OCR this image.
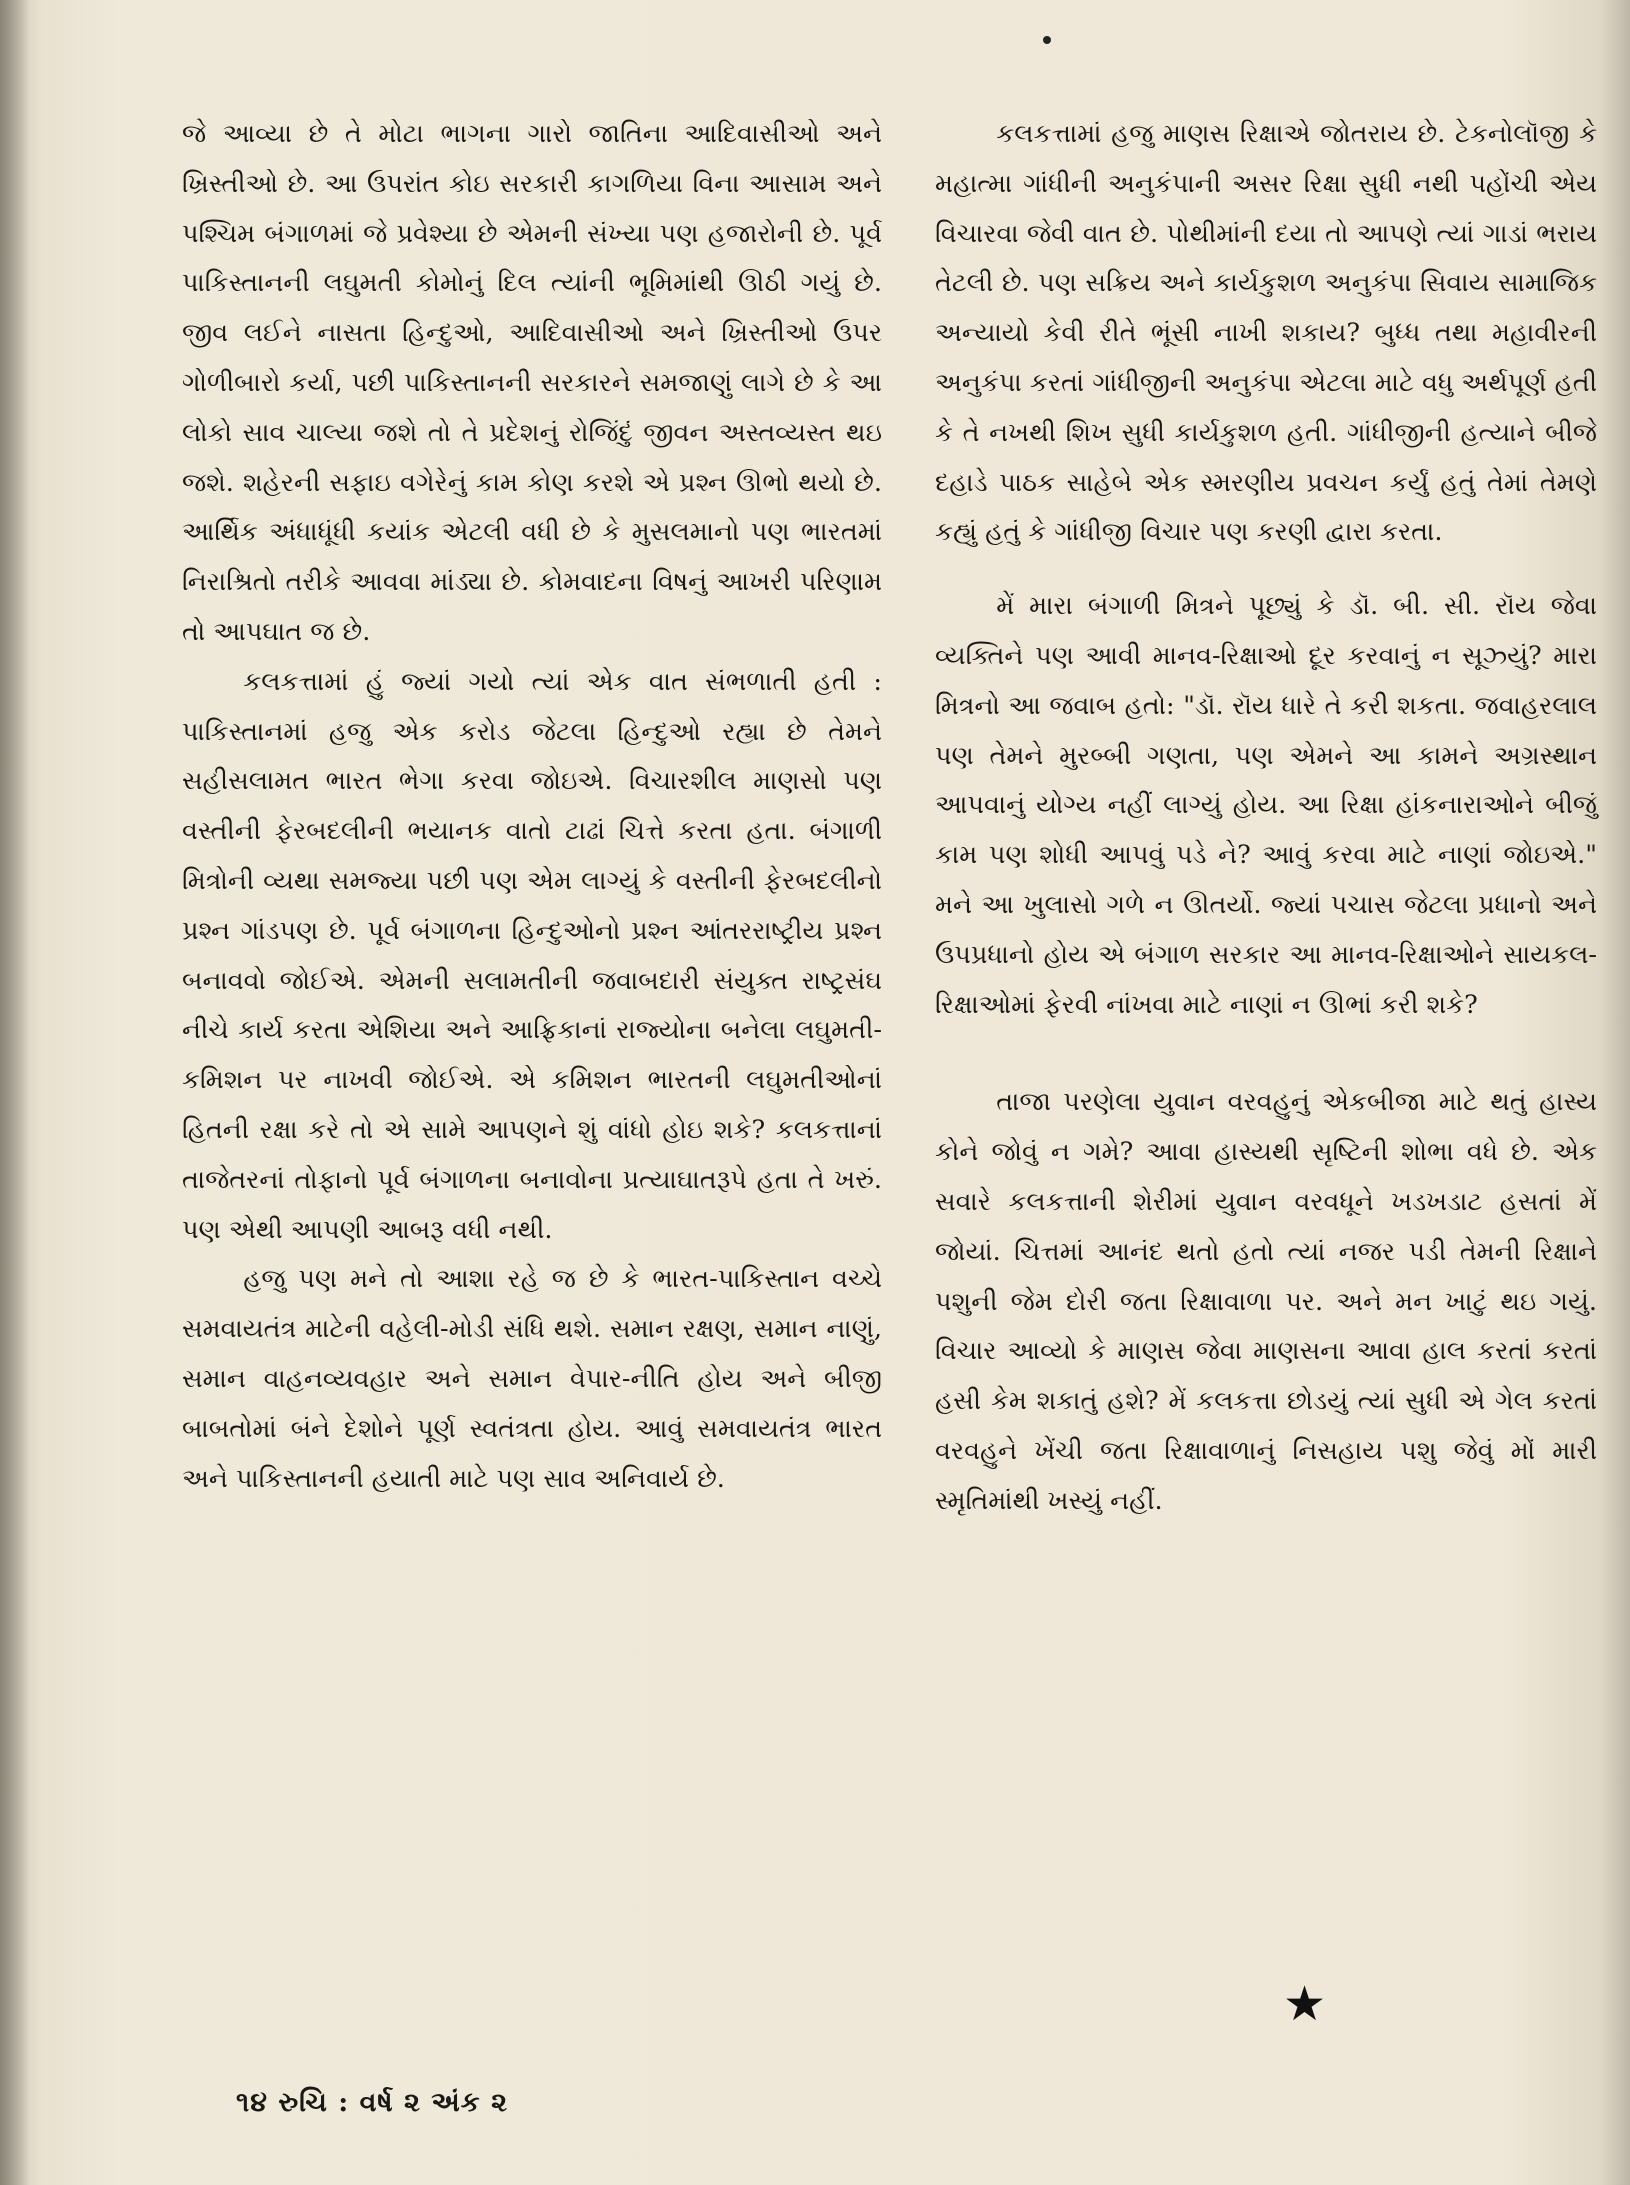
જે આવ્યા છે તે મોટા ભાગના ગારો જાતિના આદિવાસીઓ અને ખ્રિસ્તીઓ છે. આ ઉપરાંત કોઇ સરકારી કાગળિયા વિના આસામ અને પશ્ચિમ બંગાળમાં જે પ્રવેશ્યા છે એમની સંખ્યા પણ હજારોની છે. પૂર્વ પાકિસ્તાનની લઘુમતી કોમોનું દિલ ત્યાંની ભૂમિમાંથી ઊઠી ગયું છે. જીવ લઈને નાસતા હિન્દુઓ, આદિવાસીઓ અને ખ્રિસ્તીઓ ઉપર ગોળીબારો કર્યા, પછી પાકિસ્તાનની સરકારને સમજાણું લાગે છે કે આ લોકો સાવ ચાલ્યા જશે તો તે પ્રદેશનું રોજિંદું જીવન અસ્તવ્યસ્ત થઇ જશે. શહેરની સફાઇ વગેરેનું કામ કોણ કરશે એ પ્રશ્ન ઊભો થયો છે. આર્થિક અંધાધૂંધી કયાંક એટલી વધી છે કે મુસલમાનો પણ ભારતમાં નિરાશ્રિતો તરીકે આવવા માંડ્યા છે. કોમવાદના વિષનું આખરી પરિણામ તો આપઘાત જ છે.

કલકત્તામાં હું જ્યાં ગયો ત્યાં એક વાત સંભળાતી હતી : પાકિસ્તાનમાં હજુ એક કરોડ જેટલા હિન્દુઓ રહ્યા છે તેમને સહીસલામત ભારત ભેગા કરવા જોઇએ. વિચારશીલ માણસો પણ વસ્તીની ફેરબદલીની ભયાનક વાતો ટાઢાં ચિત્તે કરતા હતા. બંગાળી મિત્રોની વ્યથા સમજ્યા પછી પણ એમ લાગ્યું કે વસ્તીની ફેરબદલીનો પ્રશ્ન ગાંડપણ છે. પૂર્વ બંગાળના હિન્દુઓનો પ્રશ્ન આંતરરાષ્ટ્રીય પ્રશ્ન બનાવવો જોઈએ. એમની સલામતીની જવાબદારી સંયુક્ત રાષ્ટ્રસંઘ નીચે કાર્ય કરતા એશિયા અને આફ્રિકાનાં રાજ્યોના બનેલા લઘુમતી-કમિશન પર નાખવી જોઈએ. એ કમિશન ભારતની લઘુમતીઓનાં હિતની રક્ષા કરે તો એ સામે આપણને શું વાંધો હોઇ શકે? કલકત્તાનાં તાજેતરનાં તોફાનો પૂર્વ બંગાળના બનાવોના પ્રત્યાઘાતરૂપે હતા તે ખરું. પણ એથી આપણી આબરૂ વધી નથી.

હજુ પણ મને તો આશા રહે જ છે કે ભારત-પાકિસ્તાન વચ્ચે સમવાયતંત્ર માટેની વહેલી-મોડી સંધિ થશે. સમાન રક્ષણ, સમાન નાણું, સમાન વાહનવ્યવહાર અને સમાન વેપાર-નીતિ હોય અને બીજી બાબતોમાં બંને દેશોને પૂર્ણ સ્વતંત્રતા હોય. આવું સમવાયતંત્ર ભારત અને પાકિસ્તાનની હયાતી માટે પણ સાવ અનિવાર્ય છે.

કલકત્તામાં હજુ માણસ રિક્ષાએ જોતરાય છે. ટેકનોલૉજી કે મહાત્મા ગાંધીની અનુકંપાની અસર રિક્ષા સુધી નથી પહોંચી એય વિચારવા જેવી વાત છે. પોથીમાંની દયા તો આપણે ત્યાં ગાડાં ભરાય તેટલી છે. પણ સક્રિય અને કાર્યકુશળ અનુકંપા સિવાય સામાજિક અન્યાયો કેવી રીતે ભૂંસી નાખી શકાય? બુધ્ધ તથા મહાવીરની અનુકંપા કરતાં ગાંધીજીની અનુકંપા એટલા માટે વધુ અર્થપૂર્ણ હતી કે તે નખથી શિખ સુધી કાર્યકુશળ હતી. ગાંધીજીની હત્યાને બીજે દહાડે પાઠક સાહેબે એક સ્મરણીય પ્રવચન કર્યું હતું તેમાં તેમણે કહ્યું હતું કે ગાંધીજી વિચાર પણ કરણી દ્વારા કરતા.

મેં મારા બંગાળી મિત્રને પૂછ્યું કે ડૉ. બી. સી. રૉય જેવા વ્યક્તિને પણ આવી માનવ-રિક્ષાઓ દૂર કરવાનું ન સૂઝ્યું? મારા મિત્રનો આ જવાબ હતો: "ડૉ. રૉય ધારે તે કરી શકતા. જવાહરલાલ પણ તેમને મુરબ્બી ગણતા, પણ એમને આ કામને અગ્રસ્થાન આપવાનું યોગ્ય નહીં લાગ્યું હોય. આ રિક્ષા હાંકનારાઓને બીજું કામ પણ શોધી આપવું પડે ને? આવું કરવા માટે નાણાં જોઇએ." મને આ ખુલાસો ગળે ન ઊતર્યો. જ્યાં પચાસ જેટલા પ્રધાનો અને ઉપપ્રધાનો હોય એ બંગાળ સરકાર આ માનવ-રિક્ષાઓને સાયકલ-રિક્ષાઓમાં ફેરવી નાંખવા માટે નાણાં ન ઊભાં કરી શકે?

તાજા પરણેલા યુવાન વરવહુનું એકબીજા માટે થતું હાસ્ય કોને જોવું ન ગમે? આવા હાસ્યથી સૃષ્ટિની શોભા વધે છે. એક સવારે કલકત્તાની શેરીમાં યુવાન વરવધૂને ખડખડાટ હસતાં મેં જોયાં. ચિત્તમાં આનંદ થતો હતો ત્યાં નજર પડી તેમની રિક્ષાને પશુની જેમ દોરી જતા રિક્ષાવાળા પર. અને મન ખાટું થઇ ગયું. વિચાર આવ્યો કે માણસ જેવા માણસના આવા હાલ કરતાં કરતાં હસી કેમ શકાતું હશે? મેં કલકત્તા છોડયું ત્યાં સુધી એ ગેલ કરતાં વરવહુને ખેંચી જતા રિક્ષાવાળાનું નિસહાય પશુ જેવું મોં મારી સ્મૃતિમાંથી ખસ્યું નહીં.

★
૧૪ રુચિ : વર્ષ ૨ અંક ૨
